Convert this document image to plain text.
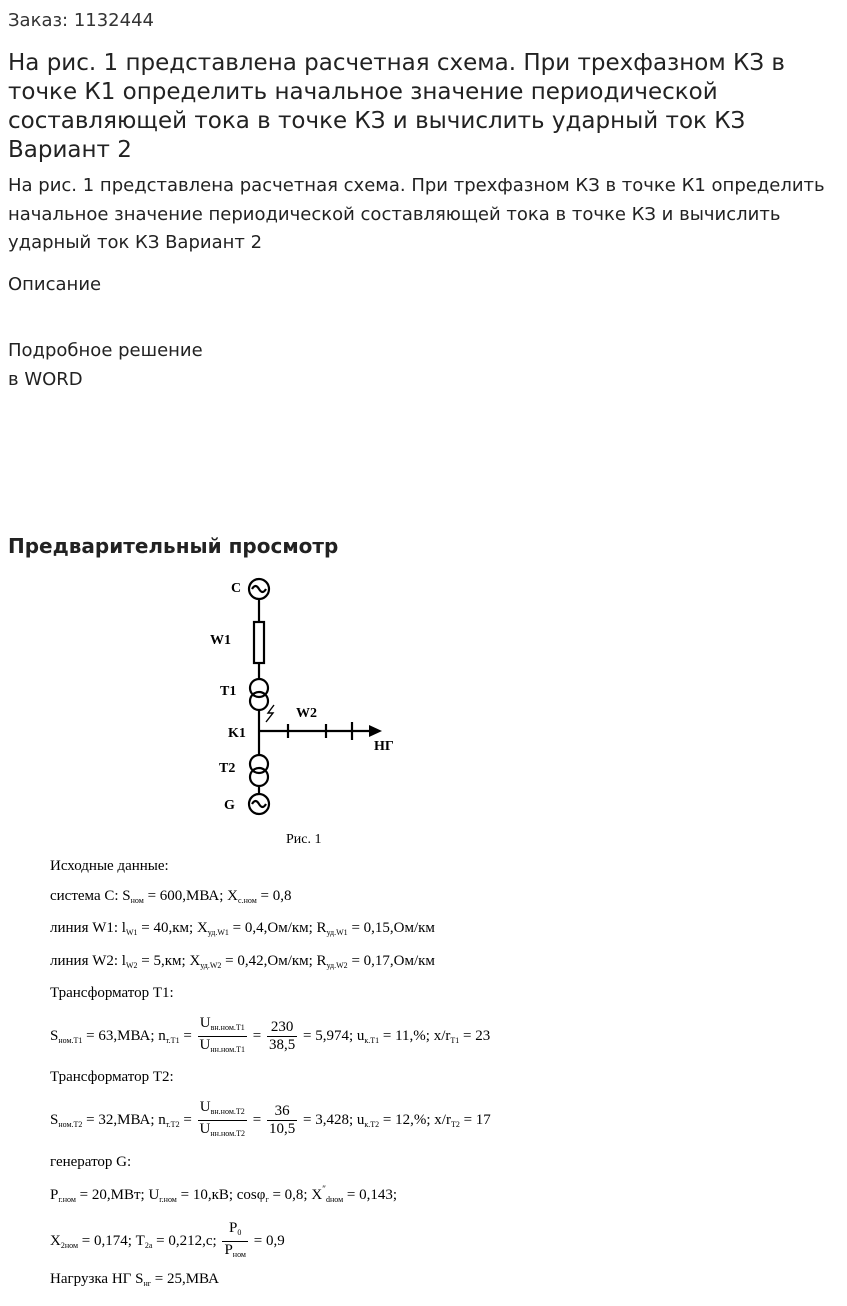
Заказ: 1132444
На рис. 1 представлена расчетная схема. При трехфазном КЗ в точке К1 определить начальное значение периодической составляющей тока в точке КЗ и вычислить ударный ток КЗ Вариант 2

На рис. 1 представлена расчетная схема. При трехфазном КЗ в точке К1 определить начальное значение периодической составляющей тока в точке КЗ и вычислить ударный ток КЗ Вариант 2

Описание
Подробное решение
в WORD
Предварительный просмотр
С
W1
T1
K1
T2
G
W2
НГ
Рис. 1
Исходные данные:
система С: $S_{ном} = 600,МВА$; $X_{с.ном} = 0,8$
линия W1: $l_{W1} = 40,км$; $X_{уд.W1} = 0,4,Ом/км$; $R_{уд.W1} = 0,15,Ом/км$
линия W2: $l_{W2} = 5,км$; $X_{уд.W2} = 0,42,Ом/км$; $R_{уд.W2} = 0,17,Ом/км$
Трансформатор Т1:
$S_{ном.Т1} = 63,МВА$; $n_{т.Т1} = \frac{U_{вн.ном.Т1}}{U_{нн.ном.Т1}} = \frac{230}{38,5} = 5,974$; $u_{к.Т1} = 11,\%$; $x/r_{Т1} = 23$
Трансформатор Т2:
$S_{ном.Т2} = 32,МВА$; $n_{т.Т2} = \frac{U_{вн.ном.Т2}}{U_{нн.ном.Т2}} = \frac{36}{10,5} = 3,428$; $u_{к.Т2} = 12,\%$; $x/r_{Т2} = 17$
генератор G:
$P_{г.ном} = 20,МВт$; $U_{г.ном} = 10,кВ$; cosφ$_г$ = 0,8; $X''_{dном} = 0,143$;
$X_{2ном} = 0,174$; $T_{2а} = 0,212,с$; $\frac{P_0}{P_{ном}} = 0,9$
Нагрузка НГ $S_{нг} = 25,МВА$
